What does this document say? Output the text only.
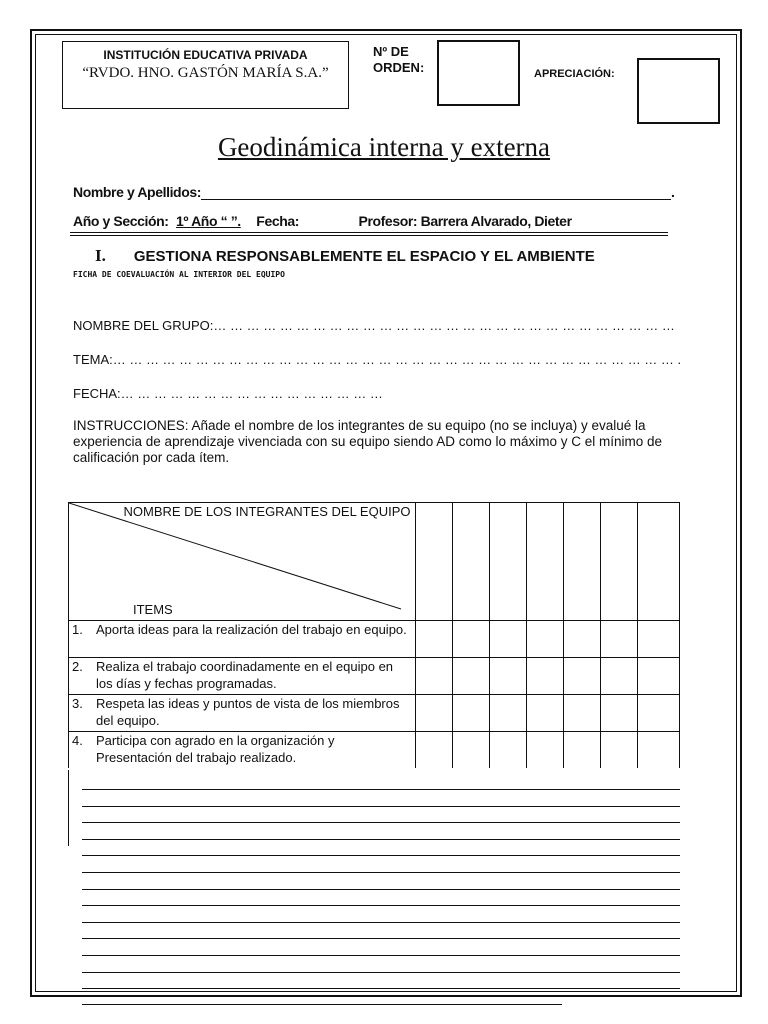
INSTITUCIÓN EDUCATIVA PRIVADA
“RVDO. HNO. GASTÓN MARÍA S.A.”
Nº DE ORDEN:	APRECIACIÓN:
Geodinámica interna y externa
Nombre y Apellidos:	.
Año y Sección: 1º Año “ ”. Fecha:	Profesor: Barrera Alvarado, Dieter
I. GESTIONA RESPONSABLEMENTE EL ESPACIO Y EL AMBIENTE
FICHA DE COEVALUACIÓN AL INTERIOR DEL EQUIPO
NOMBRE DEL GRUPO:… … … … … … … … … … … … … … … … … … … … … … … … … … … …
TEMA:… … … … … … … … … … … … … … … … … … … … … … … … … … … … … … … … … … .
FECHA:… … … … … … … … … … … … … … … …
INSTRUCCIONES: Añade el nombre de los integrantes de su equipo (no se incluya) y evalué la experiencia de aprendizaje vivenciada con su equipo siendo AD como lo máximo y C el mínimo de calificación por cada ítem.
NOMBRE DE LOS INTEGRANTES DEL EQUIPO
ITEMS							

1. Aporta ideas para la realización del trabajo en equipo.							
2.Realiza el trabajo coordinadamente en el equipo en los días y fechas programadas.							
3. Respeta las ideas y puntos de vista de los miembros del equipo.							
4. Participa con agrado en la organización y Presentación del trabajo realizado.							
